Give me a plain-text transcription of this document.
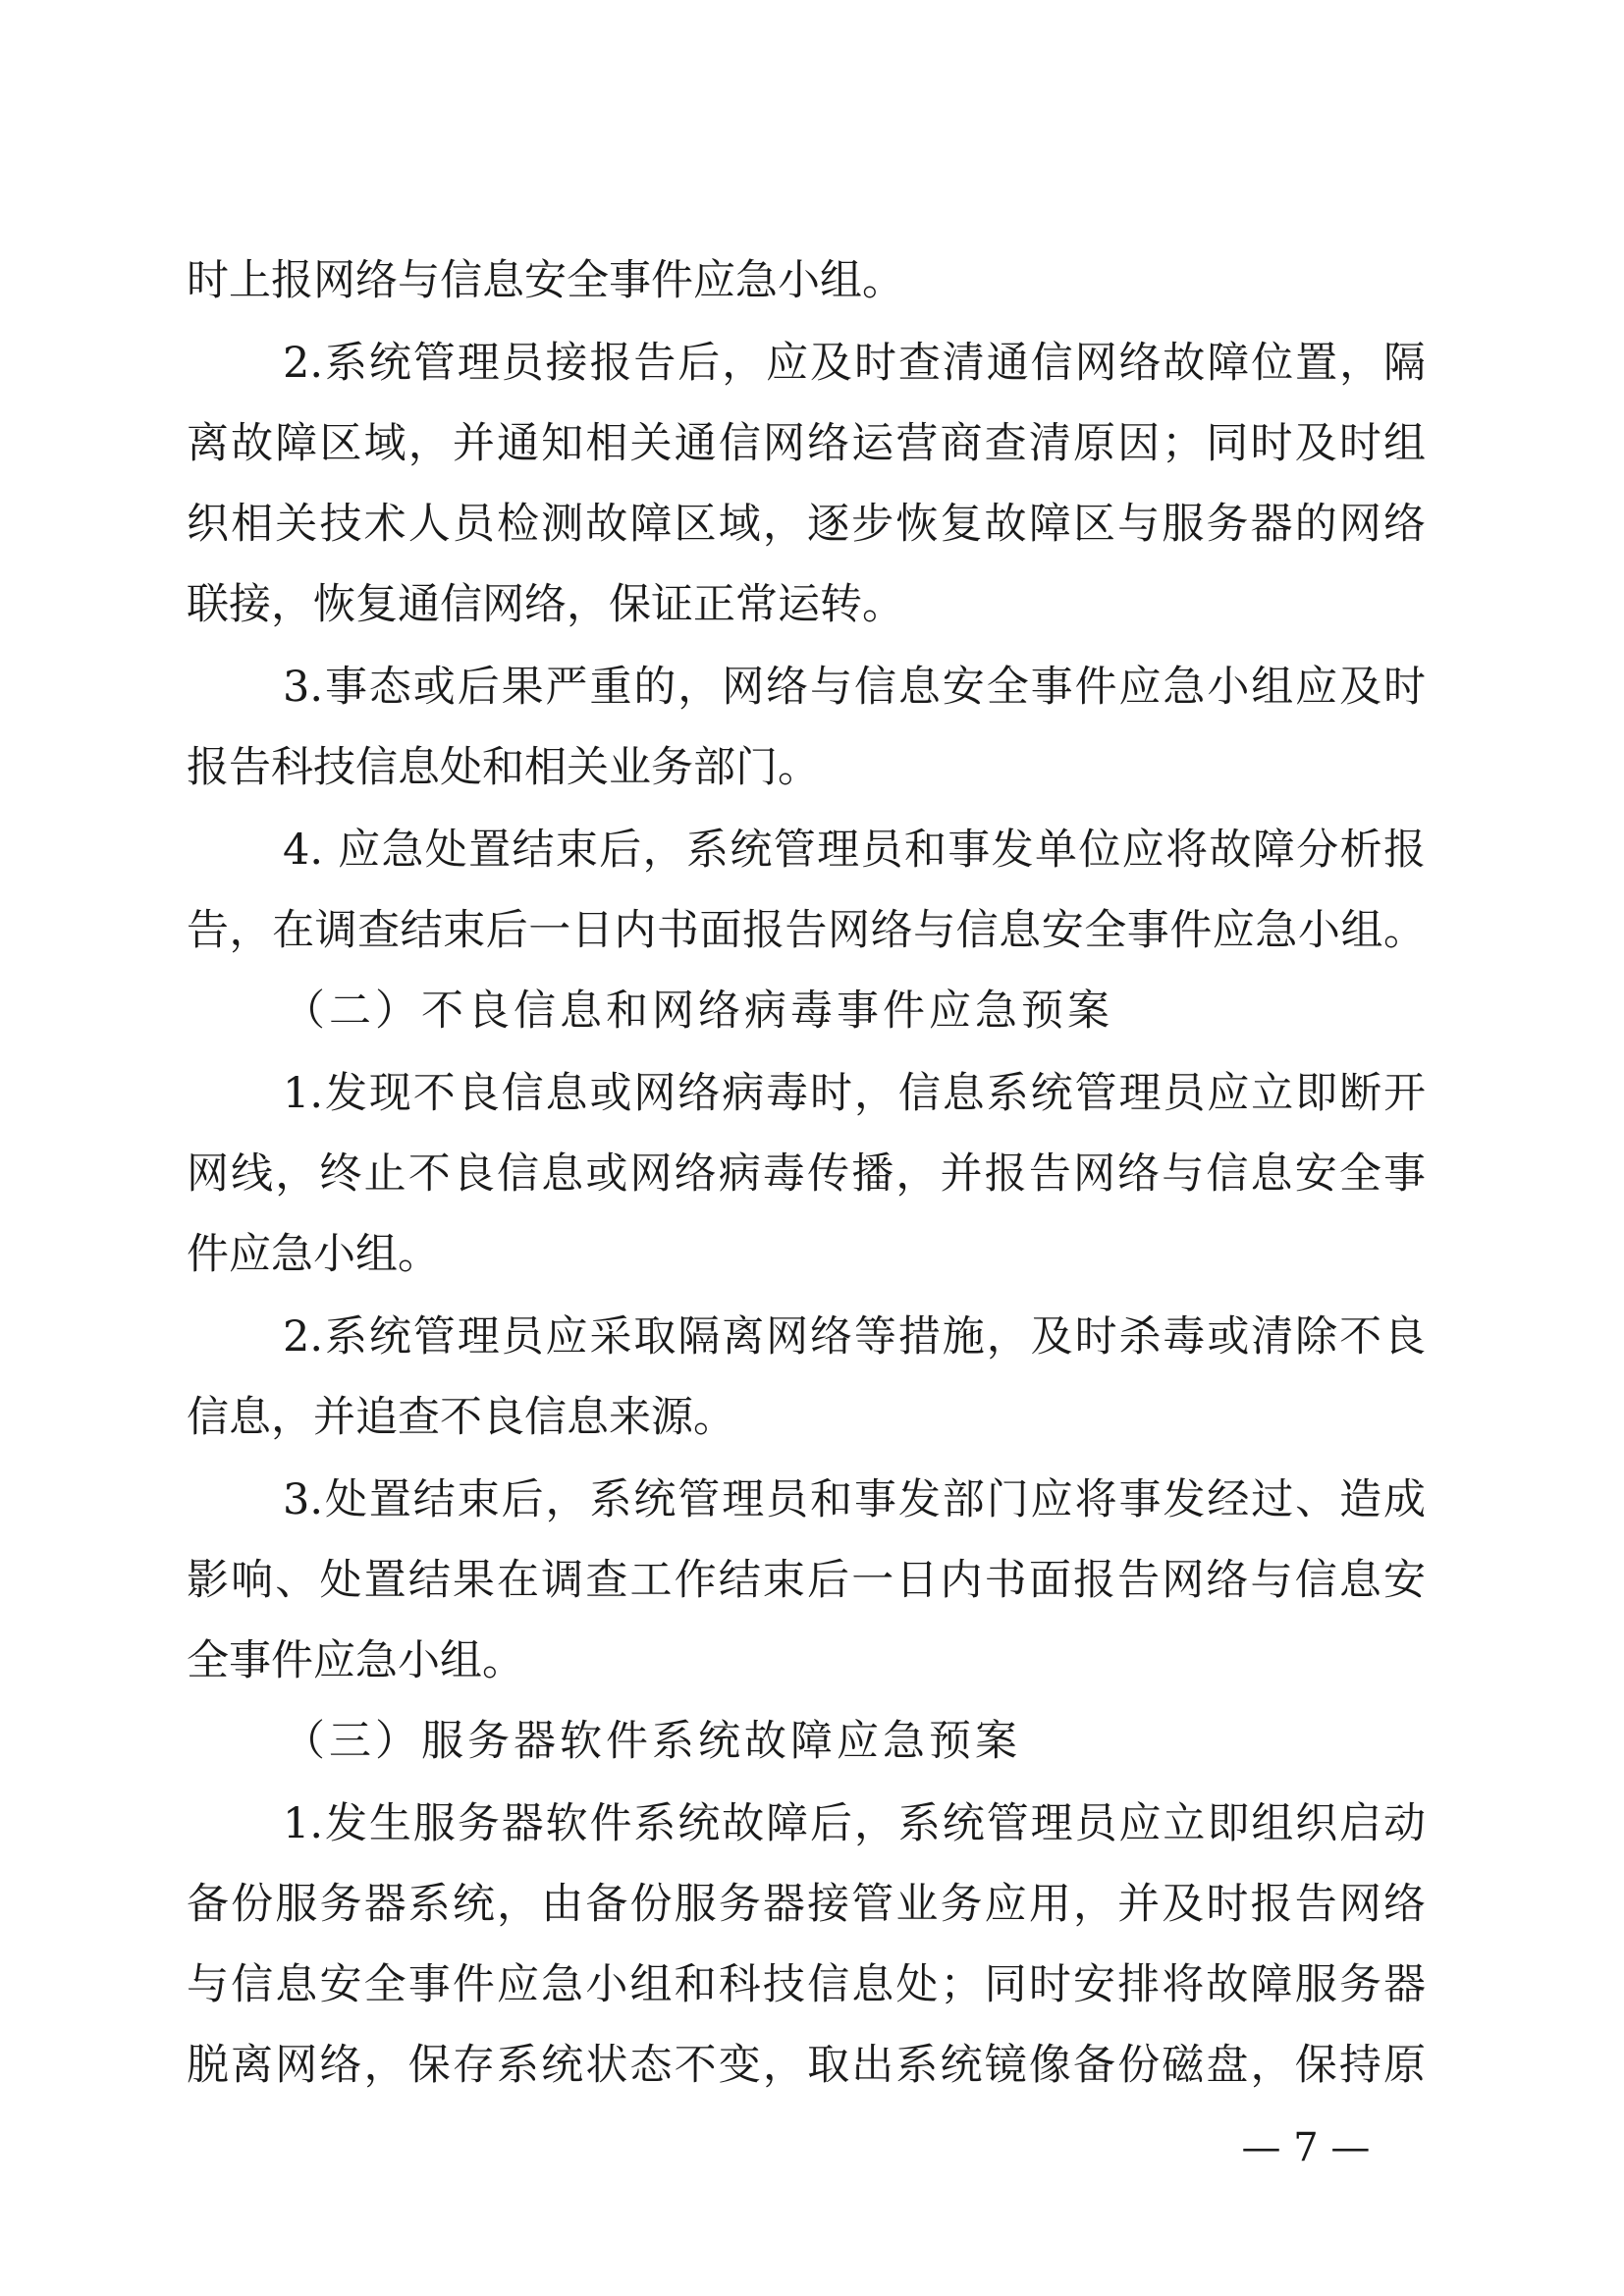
时上报网络与信息安全事件应急小组。
2.系统管理员接报告后，应及时查清通信网络故障位置，隔
离故障区域，并通知相关通信网络运营商查清原因；同时及时组
织相关技术人员检测故障区域，逐步恢复故障区与服务器的网络
联接，恢复通信网络，保证正常运转。
3.事态或后果严重的，网络与信息安全事件应急小组应及时
报告科技信息处和相关业务部门。
4. 应急处置结束后，系统管理员和事发单位应将故障分析报
告，在调查结束后一日内书面报告网络与信息安全事件应急小组。
（二）不良信息和网络病毒事件应急预案
1.发现不良信息或网络病毒时，信息系统管理员应立即断开
网线，终止不良信息或网络病毒传播，并报告网络与信息安全事
件应急小组。
2.系统管理员应采取隔离网络等措施，及时杀毒或清除不良
信息，并追查不良信息来源。
3.处置结束后，系统管理员和事发部门应将事发经过、造成
影响、处置结果在调查工作结束后一日内书面报告网络与信息安
全事件应急小组。
（三）服务器软件系统故障应急预案
1.发生服务器软件系统故障后，系统管理员应立即组织启动
备份服务器系统，由备份服务器接管业务应用，并及时报告网络
与信息安全事件应急小组和科技信息处；同时安排将故障服务器
脱离网络，保存系统状态不变，取出系统镜像备份磁盘，保持原
— 7 —
